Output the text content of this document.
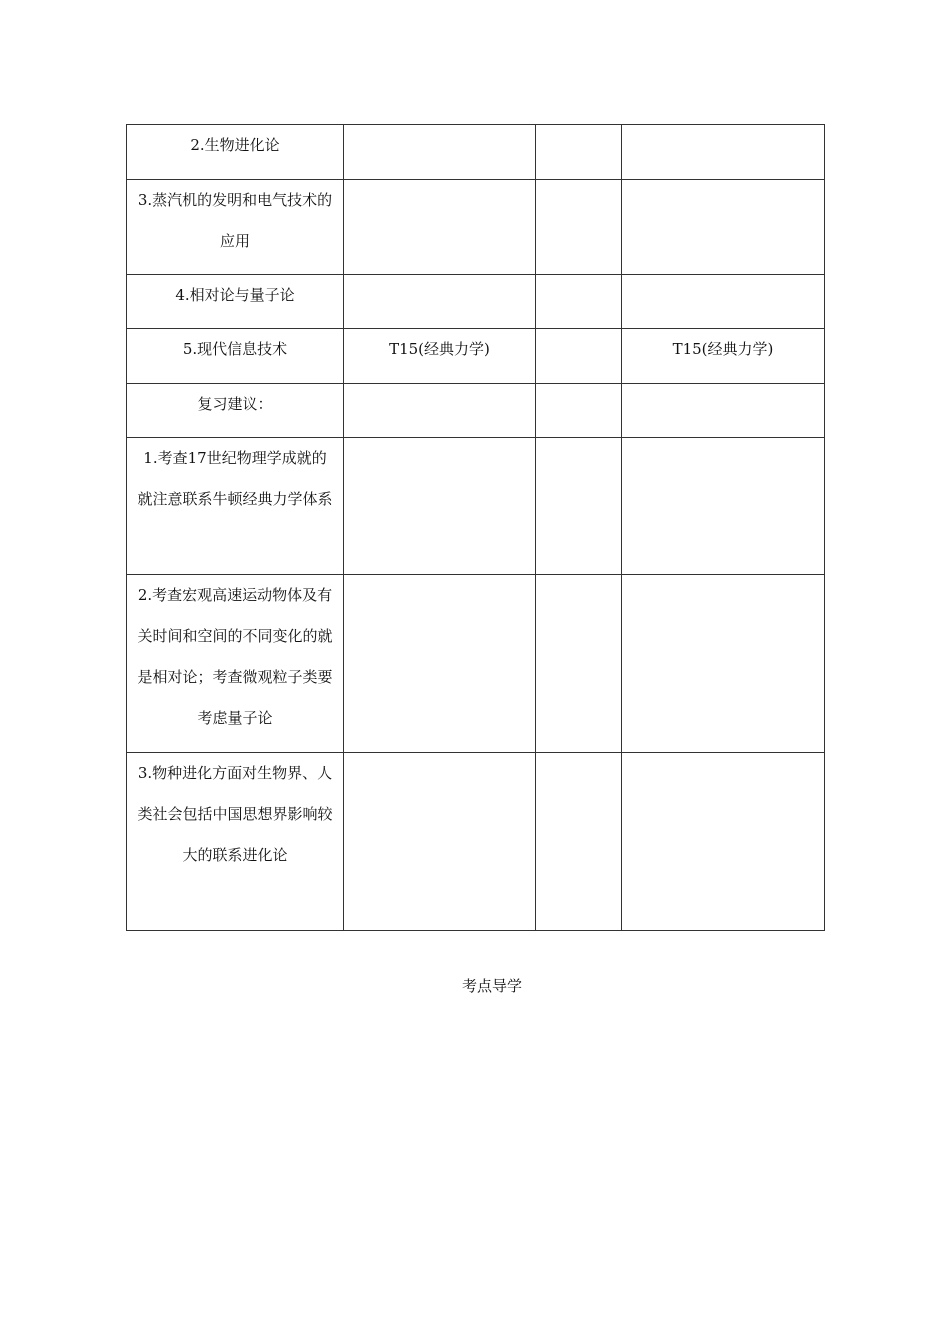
2.生物进化论			

3.蒸汽机的发明和电气技术的应用			

4.相对论与量子论			

5.现代信息技术	T15(经典力学)		T15(经典力学)

复习建议：			

1.考查17世纪物理学成就的就注意联系牛顿经典力学体系			

2.考查宏观高速运动物体及有关时间和空间的不同变化的就是相对论；考查微观粒子类要考虑量子论			

3.物种进化方面对生物界、人类社会包括中国思想界影响较大的联系进化论			

考点导学
